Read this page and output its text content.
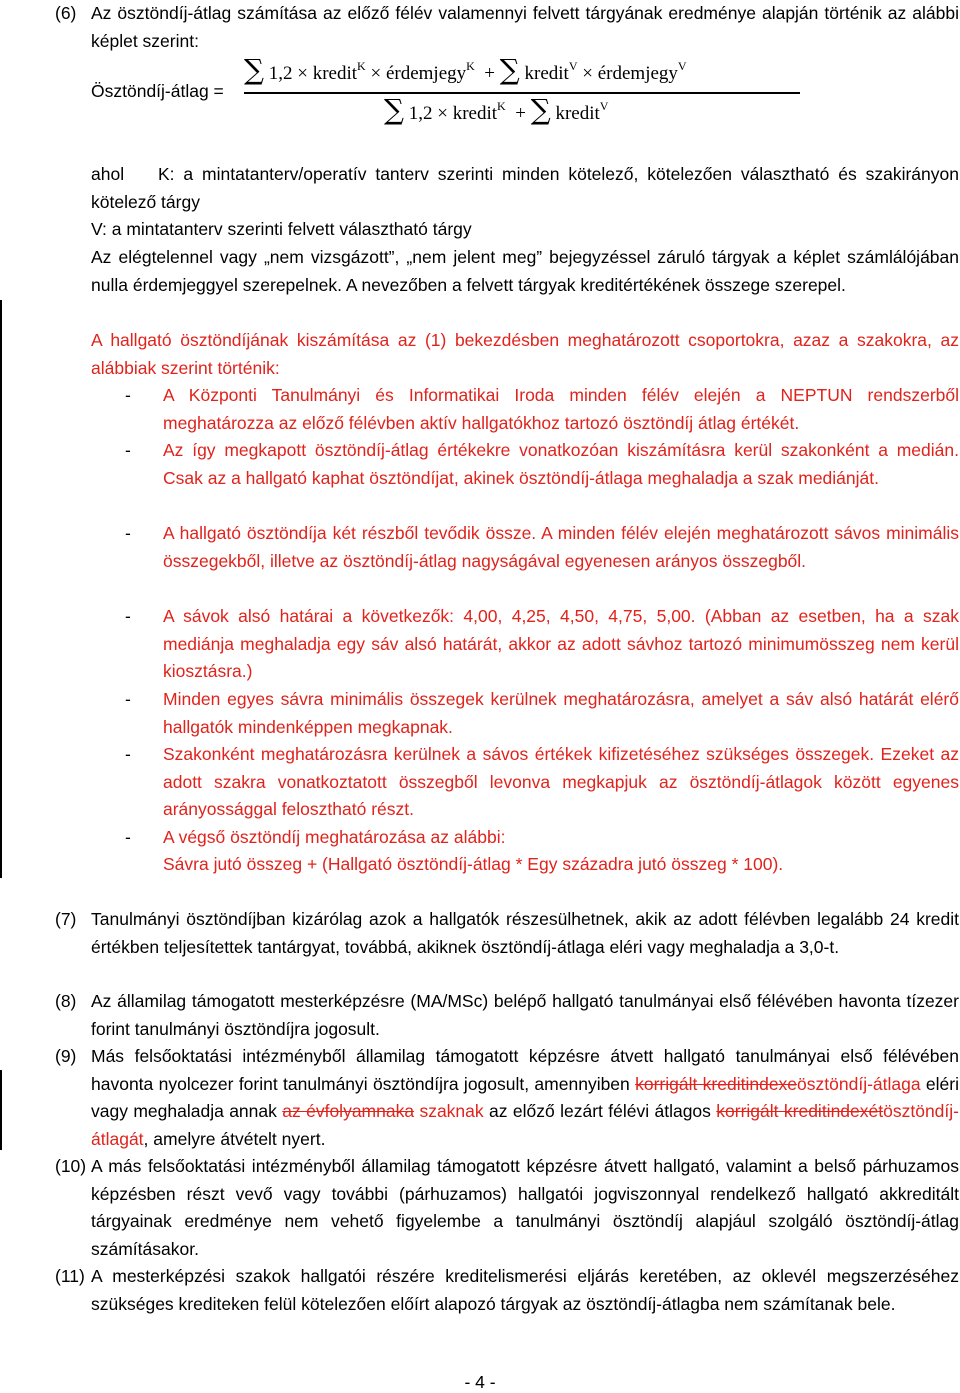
(6) Az ösztöndíj-átlag számítása az előző félév valamennyi felvett tárgyának eredménye alapján történik az alábbi képlet szerint:
Ösztöndíj-átlag =
∑ 1,2 × kredit$^K$ × érdemjegy$^K$ + ∑ kredit$^V$ × érdemjegy$^V$
∑ 1,2 × kredit$^K$ + ∑ kredit$^V$
ahol	K: a mintatanterv/operatív tanterv szerinti minden kötelező, kötelezően választható és szakirányon kötelező tárgy
V: a mintatanterv szerinti felvett választható tárgy
Az elégtelennel vagy „nem vizsgázott”, „nem jelent meg” bejegyzéssel záruló tárgyak a képlet számlálójában nulla érdemjeggyel szerepelnek. A nevezőben a felvett tárgyak kreditértékének összege szerepel.
A hallgató ösztöndíjának kiszámítása az (1) bekezdésben meghatározott csoportokra, azaz a szakokra, az alábbiak szerint történik:
- A Központi Tanulmányi és Informatikai Iroda minden félév elején a NEPTUN rendszerből meghatározza az előző félévben aktív hallgatókhoz tartozó ösztöndíj átlag értékét.
- Az így megkapott ösztöndíj-átlag értékekre vonatkozóan kiszámításra kerül szakonként a medián. Csak az a hallgató kaphat ösztöndíjat, akinek ösztöndíj-átlaga meghaladja a szak mediánját.
- A hallgató ösztöndíja két részből tevődik össze. A minden félév elején meghatározott sávos minimális összegekből, illetve az ösztöndíj-átlag nagyságával egyenesen arányos összegből.
- A sávok alsó határai a következők: 4,00, 4,25, 4,50, 4,75, 5,00. (Abban az esetben, ha a szak mediánja meghaladja egy sáv alsó határát, akkor az adott sávhoz tartozó minimumösszeg nem kerül kiosztásra.)
- Minden egyes sávra minimális összegek kerülnek meghatározásra, amelyet a sáv alsó határát elérő hallgatók mindenképpen megkapnak.
- Szakonként meghatározásra kerülnek a sávos értékek kifizetéséhez szükséges összegek. Ezeket az adott szakra vonatkoztatott összegből levonva megkapjuk az ösztöndíj-átlagok között egyenes arányossággal felosztható részt.
- A végső ösztöndíj meghatározása az alábbi:
Sávra jutó összeg + (Hallgató ösztöndíj-átlag * Egy századra jutó összeg * 100).
(7) Tanulmányi ösztöndíjban kizárólag azok a hallgatók részesülhetnek, akik az adott félévben legalább 24 kredit értékben teljesítettek tantárgyat, továbbá, akiknek ösztöndíj-átlaga eléri vagy meghaladja a 3,0-t.
(8) Az államilag támogatott mesterképzésre (MA/MSc) belépő hallgató tanulmányai első félévében havonta tízezer forint tanulmányi ösztöndíjra jogosult.
(9) Más felsőoktatási intézményből államilag támogatott képzésre átvett hallgató tanulmányai első félévében havonta nyolcezer forint tanulmányi ösztöndíjra jogosult, amennyiben korrigált kreditindexeösztöndíj-átlaga eléri vagy meghaladja annak az évfolyamnaka szaknak az előző lezárt félévi átlagos korrigált kreditindexétösztöndíj-átlagát, amelyre átvételt nyert.
(10) A más felsőoktatási intézményből államilag támogatott képzésre átvett hallgató, valamint a belső párhuzamos képzésben részt vevő vagy további (párhuzamos) hallgatói jogviszonnyal rendelkező hallgató akkreditált tárgyainak eredménye nem vehető figyelembe a tanulmányi ösztöndíj alapjául szolgáló ösztöndíj-átlag számításakor.
(11) A mesterképzési szakok hallgatói részére kreditelismerési eljárás keretében, az oklevél megszerzéséhez szükséges krediteken felül kötelezően előírt alapozó tárgyak az ösztöndíj-átlagba nem számítanak bele.
- 4 -
